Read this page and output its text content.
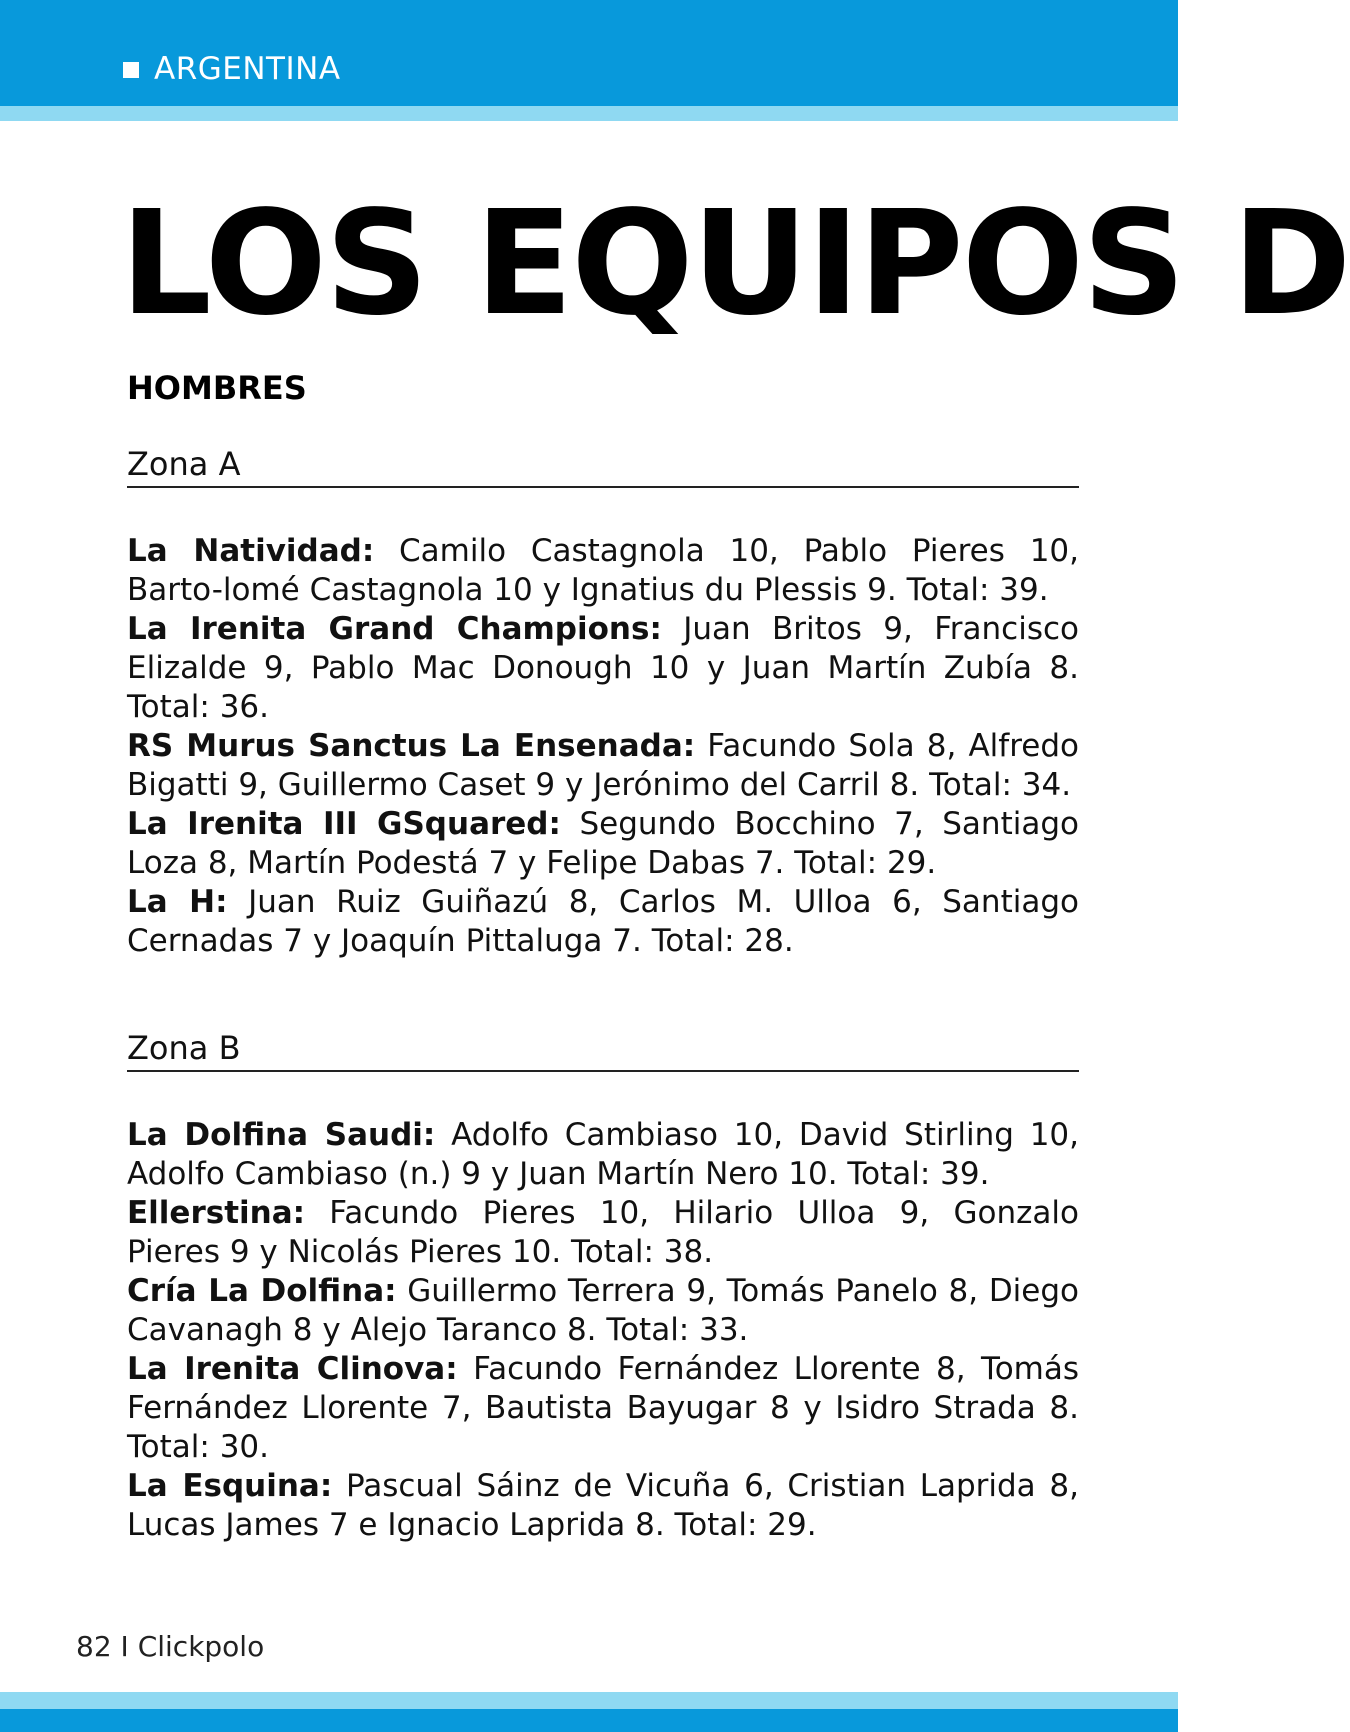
ARGENTINA
LOS EQUIPOS D
HOMBRES
Zona A

La Natividad: Camilo Castagnola 10, Pablo Pieres 10, Barto-lomé Castagnola 10 y Ignatius du Plessis 9. Total: 39.

La Irenita Grand Champions: Juan Britos 9, Francisco Elizalde 9, Pablo Mac Donough 10 y Juan Martín Zubía 8. Total: 36.

RS Murus Sanctus La Ensenada: Facundo Sola 8, Alfredo Bigatti 9, Guillermo Caset 9 y Jerónimo del Carril 8. Total: 34.

La Irenita III GSquared: Segundo Bocchino 7, Santiago Loza 8, Martín Podestá 7 y Felipe Dabas 7. Total: 29.

La H: Juan Ruiz Guiñazú 8, Carlos M. Ulloa 6, Santiago Cernadas 7 y Joaquín Pittaluga 7. Total: 28.

Zona B

La Dolfina Saudi: Adolfo Cambiaso 10, David Stirling 10, Adolfo Cambiaso (n.) 9 y Juan Martín Nero 10. Total: 39.

Ellerstina: Facundo Pieres 10, Hilario Ulloa 9, Gonzalo Pieres 9 y Nicolás Pieres 10. Total: 38.

Cría La Dolfina: Guillermo Terrera 9, Tomás Panelo 8, Diego Cavanagh 8 y Alejo Taranco 8. Total: 33.

La Irenita Clinova: Facundo Fernández Llorente 8, Tomás Fernández Llorente 7, Bautista Bayugar 8 y Isidro Strada 8. Total: 30.

La Esquina: Pascual Sáinz de Vicuña 6, Cristian Laprida 8, Lucas James 7 e Ignacio Laprida 8. Total: 29.

82 I Clickpolo
